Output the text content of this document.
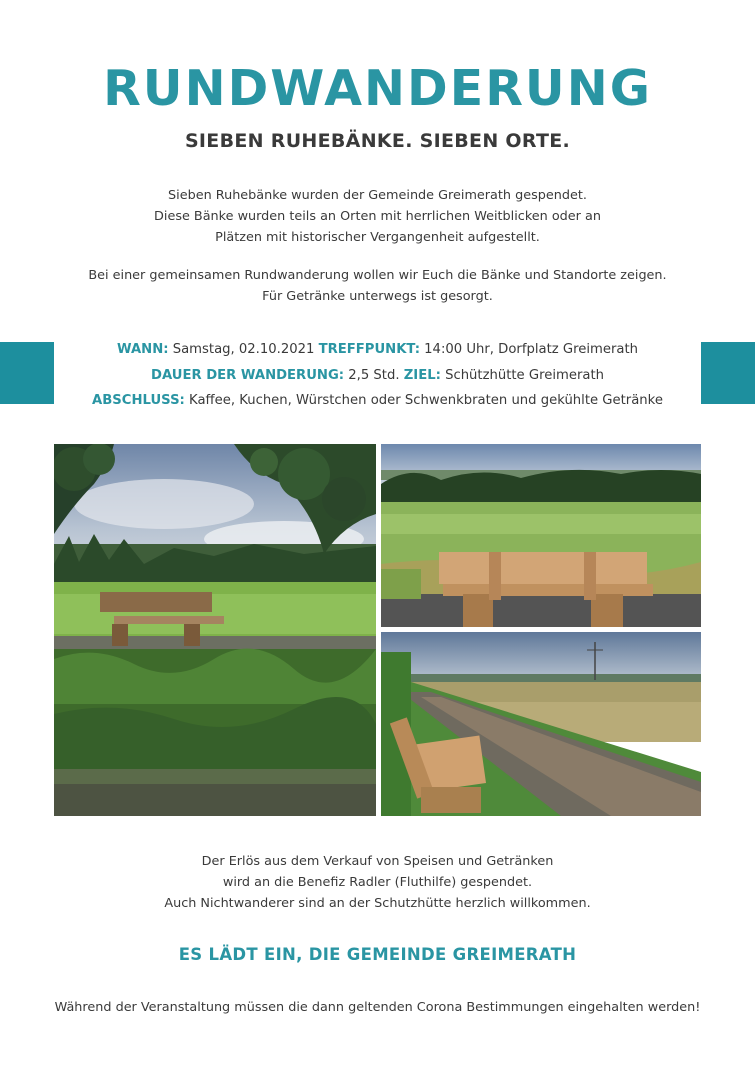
RUNDWANDERUNG
SIEBEN RUHEBÄNKE. SIEBEN ORTE.
Sieben Ruhebänke wurden der Gemeinde Greimerath gespendet.
Diese Bänke wurden teils an Orten mit herrlichen Weitblicken oder an
Plätzen mit historischer Vergangenheit aufgestellt.
Bei einer gemeinsamen Rundwanderung wollen wir Euch die Bänke und Standorte zeigen.
Für Getränke unterwegs ist gesorgt.
WANN: Samstag, 02.10.2021 TREFFPUNKT: 14:00 Uhr, Dorfplatz Greimerath
DAUER DER WANDERUNG: 2,5 Std. ZIEL: Schützhütte Greimerath
ABSCHLUSS: Kaffee, Kuchen, Würstchen oder Schwenkbraten und gekühlte Getränke
Der Erlös aus dem Verkauf von Speisen und Getränken
wird an die Benefiz Radler (Fluthilfe) gespendet.
Auch Nichtwanderer sind an der Schutzhütte herzlich willkommen.
ES LÄDT EIN, DIE GEMEINDE GREIMERATH
Während der Veranstaltung müssen die dann geltenden Corona Bestimmungen eingehalten werden!
